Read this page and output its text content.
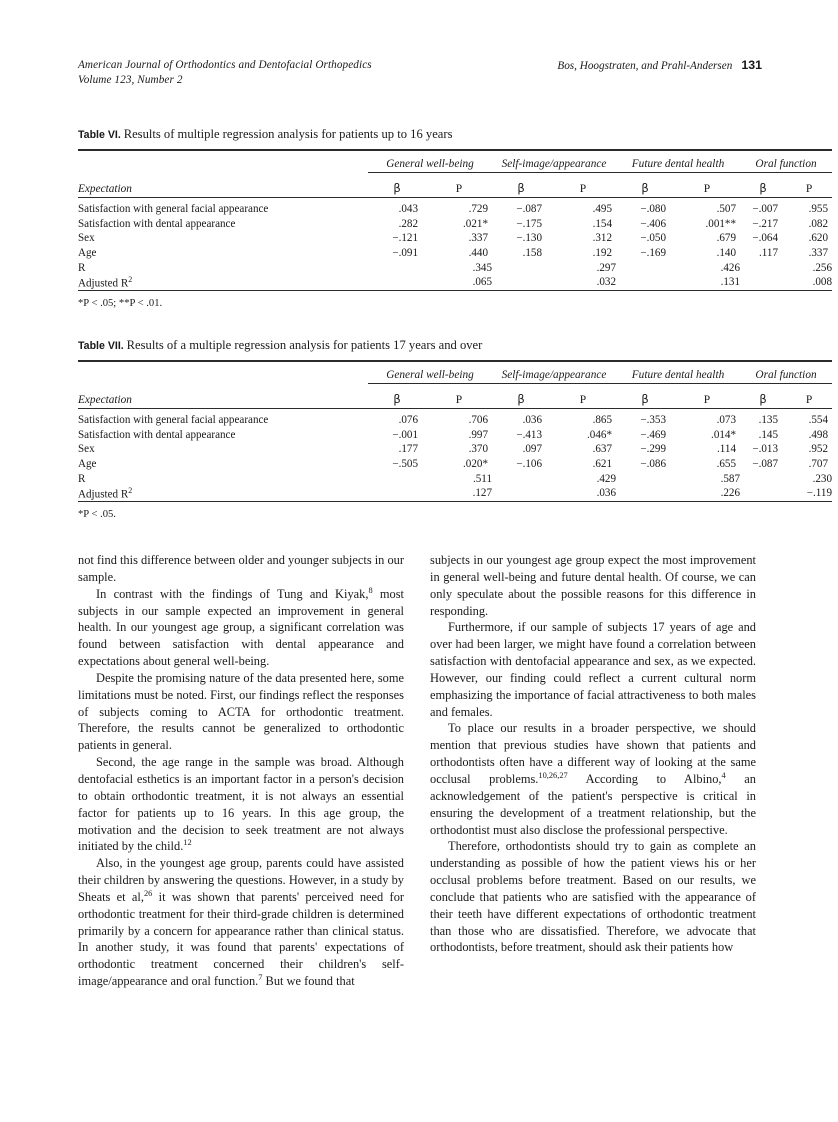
American Journal of Orthodontics and Dentofacial Orthopedics
Volume 123, Number 2
Bos, Hoogstraten, and Prahl-Andersen 131
Table VI. Results of multiple regression analysis for patients up to 16 years
	General well-being		Self-image/appearance		Future dental health		Oral function	
Expectation	β	P	β	P	β	P	β	P
Satisfaction with general facial appearance	.043	.729	−.087	.495	−.080	.507	−.007	.955
Satisfaction with dental appearance	.282	.021*	−.175	.154	−.406	.001**	−.217	.082
Sex	−.121	.337	−.130	.312	−.050	.679	−.064	.620
Age	−.091	.440	.158	.192	−.169	.140	.117	.337
R	.345		.297		.426		.256	
Adjusted $R^2$	.065		.032		.131		.008	

*P < .05; **P < .01.
Table VII. Results of a multiple regression analysis for patients 17 years and over
	General well-being		Self-image/appearance		Future dental health		Oral function	
Expectation	β	P	β	P	β	P	β	P
Satisfaction with general facial appearance	.076	.706	.036	.865	−.353	.073	.135	.554
Satisfaction with dental appearance	−.001	.997	−.413	.046*	−.469	.014*	.145	.498
Sex	.177	.370	.097	.637	−.299	.114	−.013	.952
Age	−.505	.020*	−.106	.621	−.086	.655	−.087	.707
R	.511		.429		.587		.230	
Adjusted $R^2$	.127		.036		.226		−.119	

*P < .05.

not find this difference between older and younger subjects in our sample.

In contrast with the findings of Tung and Kiyak,$^8$ most subjects in our sample expected an improvement in general health. In our youngest age group, a significant correlation was found between satisfaction with dental appearance and expectations about general well-being.

Despite the promising nature of the data presented here, some limitations must be noted. First, our findings reflect the responses of subjects coming to ACTA for orthodontic treatment. Therefore, the results cannot be generalized to orthodontic patients in general.

Second, the age range in the sample was broad. Although dentofacial esthetics is an important factor in a person's decision to obtain orthodontic treatment, it is not always an essential factor for patients up to 16 years. In this age group, the motivation and the decision to seek treatment are not always initiated by the child.$^{12}$

Also, in the youngest age group, parents could have assisted their children by answering the questions. However, in a study by Sheats et al,$^{26}$ it was shown that parents' perceived need for orthodontic treatment for their third-grade children is determined primarily by a concern for appearance rather than clinical status. In another study, it was found that parents' expectations of orthodontic treatment concerned their children's self-image/appearance and oral function.$^7$ But we found that

subjects in our youngest age group expect the most improvement in general well-being and future dental health. Of course, we can only speculate about the possible reasons for this difference in responding.

Furthermore, if our sample of subjects 17 years of age and over had been larger, we might have found a correlation between satisfaction with dentofacial appearance and sex, as we expected. However, our finding could reflect a current cultural norm emphasizing the importance of facial attractiveness to both males and females.

To place our results in a broader perspective, we should mention that previous studies have shown that patients and orthodontists often have a different way of looking at the same occlusal problems.$^{10,26,27}$ According to Albino,$^4$ an acknowledgement of the patient's perspective is critical in ensuring the development of a treatment relationship, but the orthodontist must also disclose the professional perspective.

Therefore, orthodontists should try to gain as complete an understanding as possible of how the patient views his or her occlusal problems before treatment. Based on our results, we conclude that patients who are satisfied with the appearance of their teeth have different expectations of orthodontic treatment than those who are dissatisfied. Therefore, we advocate that orthodontists, before treatment, should ask their patients how
